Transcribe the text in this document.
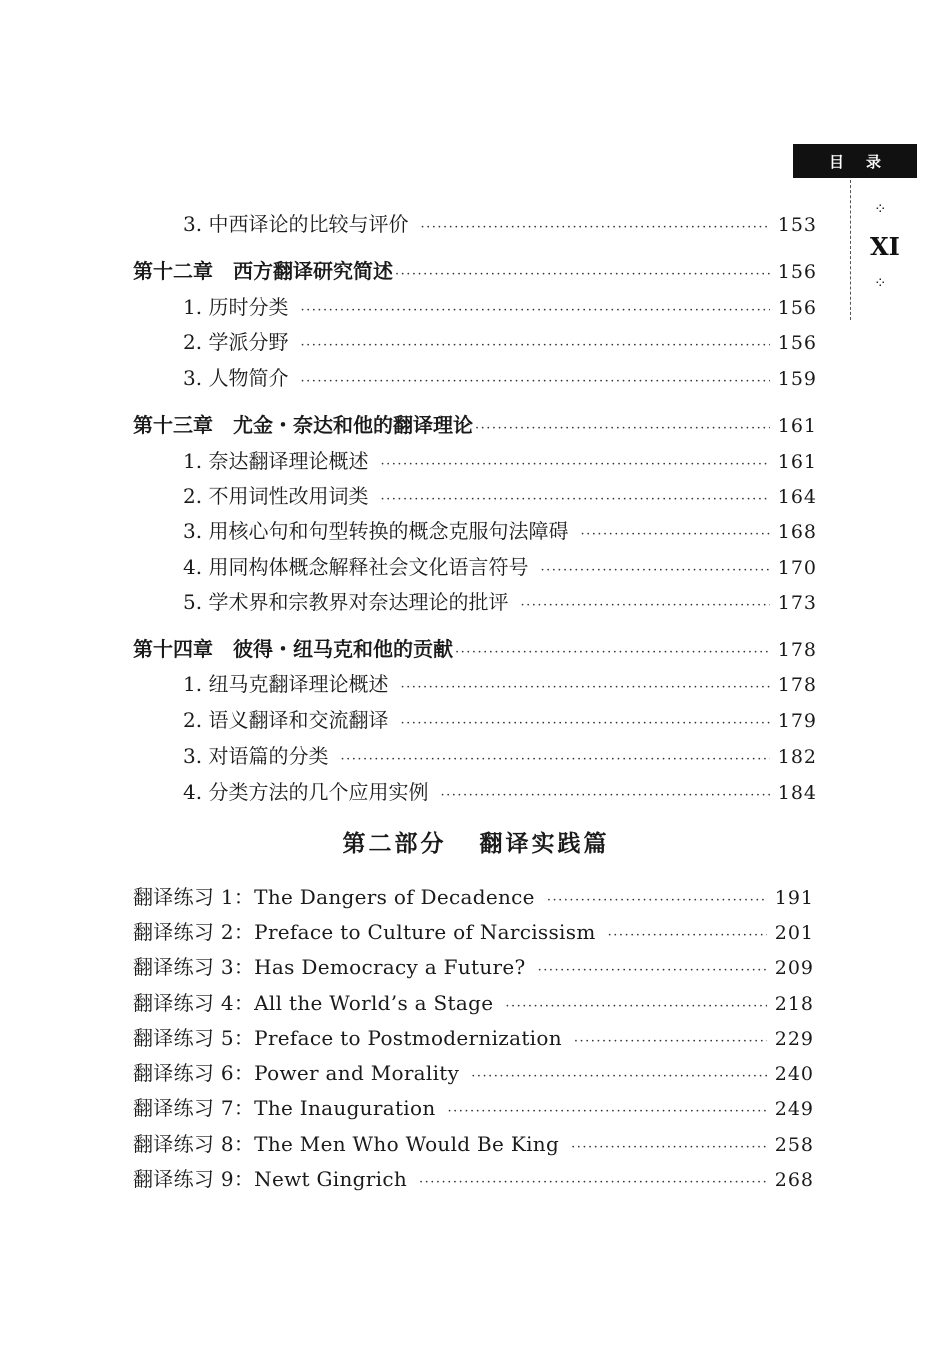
目录
⁘
XI
⁘
3. 中西译论的比较与评价 ·····	153
第十二章　西方翻译研究简述 ·····	156
1. 历时分类 ·····	156
2. 学派分野 ·····	156
3. 人物简介 ·····	159
第十三章　尤金・奈达和他的翻译理论 ·····	161
1. 奈达翻译理论概述 ·····	161
2. 不用词性改用词类 ·····	164
3. 用核心句和句型转换的概念克服句法障碍 ·····	168
4. 用同构体概念解释社会文化语言符号 ·····	170
5. 学术界和宗教界对奈达理论的批评 ·····	173
第十四章　彼得・纽马克和他的贡献 ·····	178
1. 纽马克翻译理论概述 ·····	178
2. 语义翻译和交流翻译 ·····	179
3. 对语篇的分类 ·····	182
4. 分类方法的几个应用实例 ·····	184
第二部分 翻译实践篇
翻译练习 1：The Dangers of Decadence ·····	191
翻译练习 2：Preface to Culture of Narcissism ·····	201
翻译练习 3：Has Democracy a Future? ·····	209
翻译练习 4：All the World’s a Stage ·····	218
翻译练习 5：Preface to Postmodernization ·····	229
翻译练习 6：Power and Morality ·····	240
翻译练习 7：The Inauguration ·····	249
翻译练习 8：The Men Who Would Be King ·····	258
翻译练习 9：Newt Gingrich ·····	268
